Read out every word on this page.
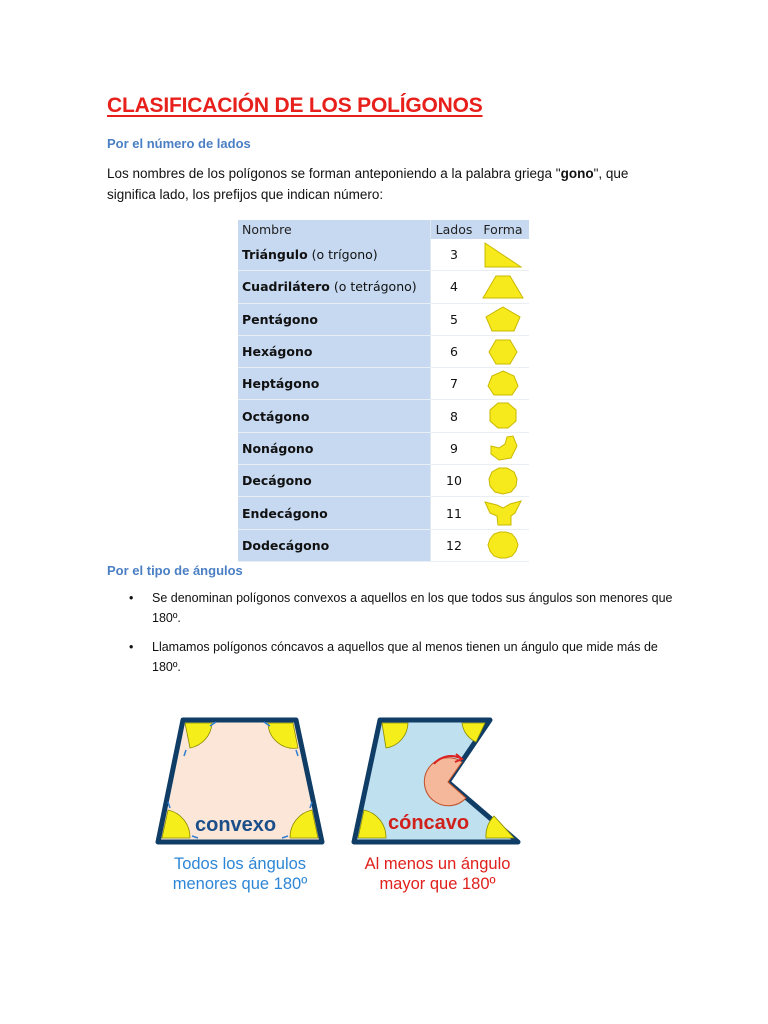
CLASIFICACIÓN DE LOS POLÍGONOS

Por el número de lados

Los nombres de los polígonos se forman anteponiendo a la palabra griega "gono", que significa lado, los prefijos que indican número:

Nombre	Lados	Forma
Triángulo (o trígono)	3	

Cuadrilátero (o tetrágono)	4	

Pentágono	5	

Hexágono	6	

Heptágono	7	

Octágono	8	

Nonágono	9	

Decágono	10	

Endecágono	11	

Dodecágono	12	

Por el tipo de ángulos

• Se denominan polígonos convexos a aquellos en los que todos sus ángulos son menores que 180º.
• Llamamos polígonos cóncavos a aquellos que al menos tienen un ángulo que mide más de 180º.
convexo	cóncavo
Todos los ángulos
menores que 180º
Al menos un ángulo
mayor que 180º
